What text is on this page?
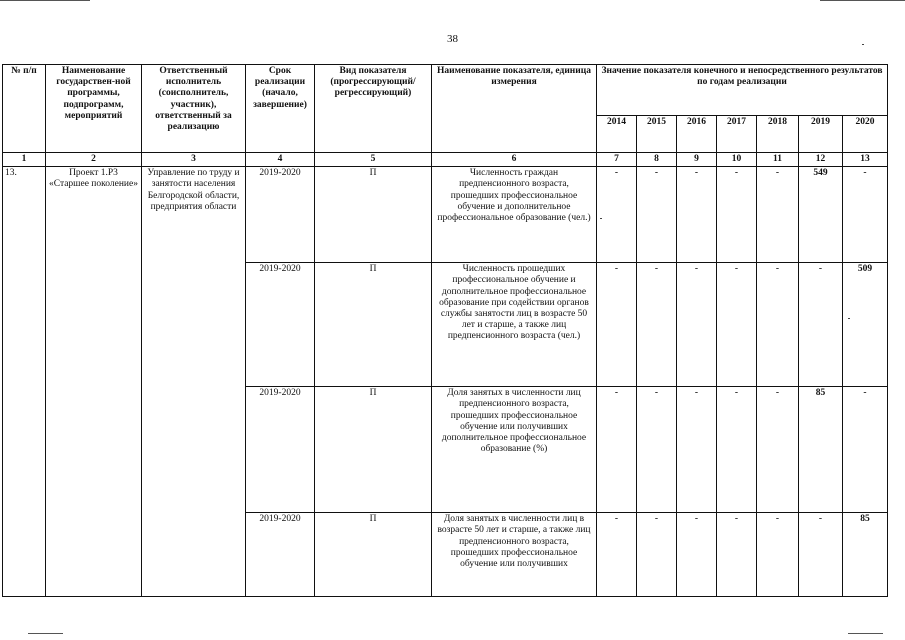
38
№ п/п	Наименование государствен-ной программы, подпрограмм, мероприятий	Ответственный исполнитель (соисполнитель, участник), ответственный за реализацию	Срок реализации (начало, завершение)	Вид показателя (прогрессирующий/ регрессирующий)	Наименование показателя, единица измерения	Значение показателя конечного и непосредственного результатов по годам реализации						
						2014	2015	2016	2017	2018	2019	2020
1	2	3	4	5	6	7	8	9	10	11	12	13
13.	Проект 1.Р3 «Старшее поколение»	Управление по труду и занятости населения Белгородской области, предприятия области	2019-2020	П	Численность граждан предпенсионного возраста, прошедших профессиональное обучение и дополнительное профессиональное образование (чел.)	-	-	-	-	-	549	-
			2019-2020	П	Численность прошедших профессиональное обучение и дополнительное профессиональное образование при содействии органов службы занятости лиц в возрасте 50 лет и старше, а также лиц предпенсионного возраста (чел.)	-	-	-	-	-	-	509
			2019-2020	П	Доля занятых в численности лиц предпенсионного возраста, прошедших профессиональное обучение или получивших дополнительное профессиональное образование (%)	-	-	-	-	-	85	-
			2019-2020	П	Доля занятых в численности лиц в возрасте 50 лет и старше, а также лиц предпенсионного возраста, прошедших профессиональное обучение или получивших	-	-	-	-	-	-	85
